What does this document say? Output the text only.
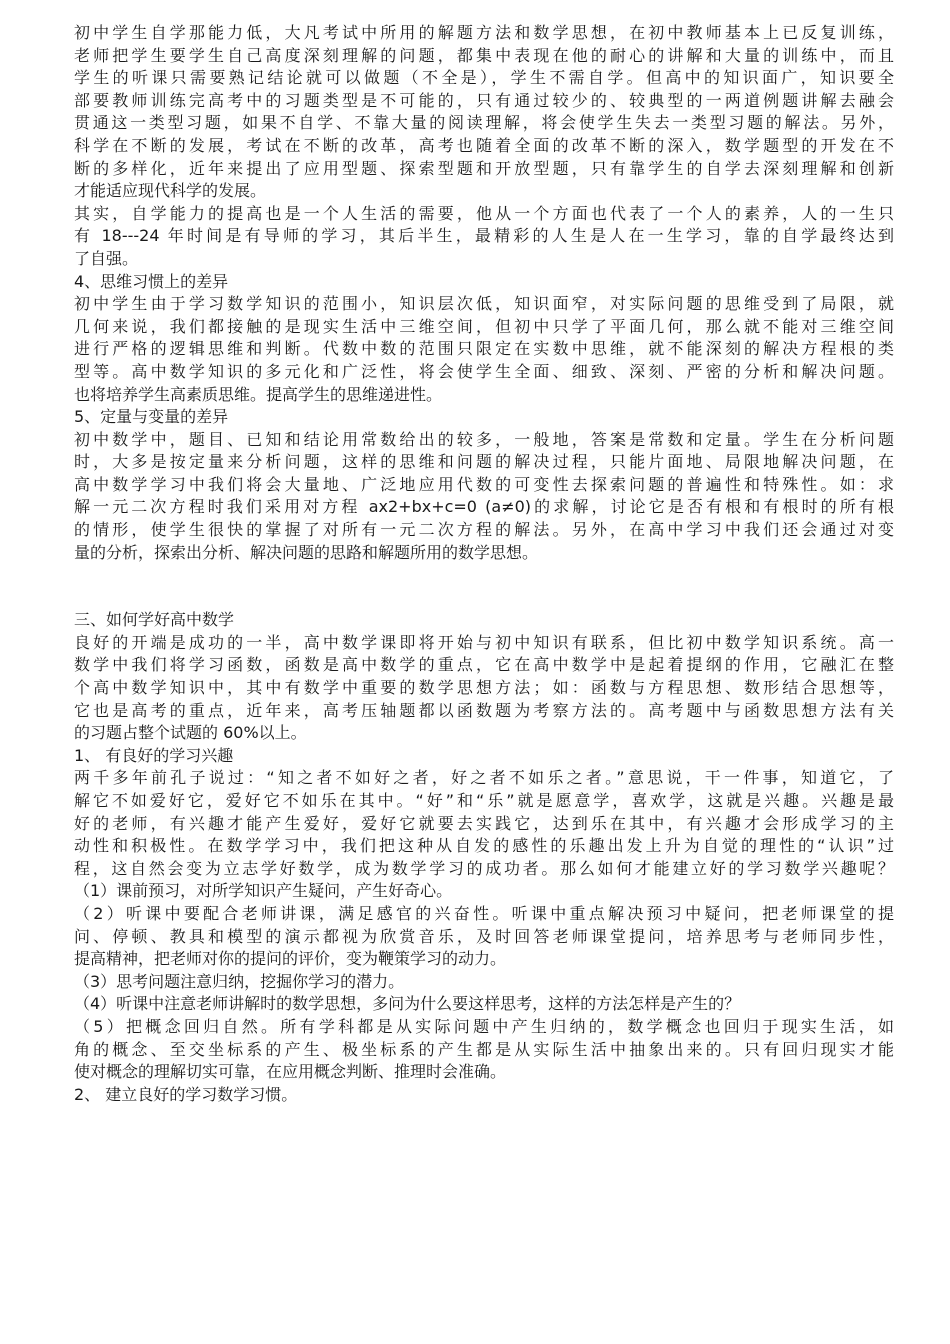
初中学生自学那能力低，大凡考试中所用的解题方法和数学思想，在初中教师基本上已反复训练，
老师把学生要学生自己高度深刻理解的问题，都集中表现在他的耐心的讲解和大量的训练中，而且
学生的听课只需要熟记结论就可以做题（不全是），学生不需自学。但高中的知识面广，知识要全
部要教师训练完高考中的习题类型是不可能的，只有通过较少的、较典型的一两道例题讲解去融会
贯通这一类型习题，如果不自学、不靠大量的阅读理解，将会使学生失去一类型习题的解法。另外，
科学在不断的发展，考试在不断的改革，高考也随着全面的改革不断的深入，数学题型的开发在不
断的多样化，近年来提出了应用型题、探索型题和开放型题，只有靠学生的自学去深刻理解和创新
才能适应现代科学的发展。
其实，自学能力的提高也是一个人生活的需要，他从一个方面也代表了一个人的素养，人的一生只
有 18---24 年时间是有导师的学习，其后半生，最精彩的人生是人在一生学习，靠的自学最终达到
了自强。
4、思维习惯上的差异
初中学生由于学习数学知识的范围小，知识层次低，知识面窄，对实际问题的思维受到了局限，就
几何来说，我们都接触的是现实生活中三维空间，但初中只学了平面几何，那么就不能对三维空间
进行严格的逻辑思维和判断。代数中数的范围只限定在实数中思维，就不能深刻的解决方程根的类
型等。高中数学知识的多元化和广泛性，将会使学生全面、细致、深刻、严密的分析和解决问题。
也将培养学生高素质思维。提高学生的思维递进性。
5、定量与变量的差异
初中数学中，题目、已知和结论用常数给出的较多，一般地，答案是常数和定量。学生在分析问题
时，大多是按定量来分析问题，这样的思维和问题的解决过程，只能片面地、局限地解决问题，在
高中数学学习中我们将会大量地、广泛地应用代数的可变性去探索问题的普遍性和特殊性。如：求
解一元二次方程时我们采用对方程 ax2+bx+c=0 (a≠0)的求解，讨论它是否有根和有根时的所有根
的情形，使学生很快的掌握了对所有一元二次方程的解法。另外，在高中学习中我们还会通过对变
量的分析，探索出分析、解决问题的思路和解题所用的数学思想。
三、如何学好高中数学
良好的开端是成功的一半，高中数学课即将开始与初中知识有联系，但比初中数学知识系统。高一
数学中我们将学习函数，函数是高中数学的重点，它在高中数学中是起着提纲的作用，它融汇在整
个高中数学知识中，其中有数学中重要的数学思想方法；如：函数与方程思想、数形结合思想等，
它也是高考的重点，近年来，高考压轴题都以函数题为考察方法的。高考题中与函数思想方法有关
的习题占整个试题的 60%以上。
1、 有良好的学习兴趣
两千多年前孔子说过：“知之者不如好之者，好之者不如乐之者。”意思说，干一件事，知道它，了
解它不如爱好它，爱好它不如乐在其中。“好”和“乐”就是愿意学，喜欢学，这就是兴趣。兴趣是最
好的老师，有兴趣才能产生爱好，爱好它就要去实践它，达到乐在其中，有兴趣才会形成学习的主
动性和积极性。在数学学习中，我们把这种从自发的感性的乐趣出发上升为自觉的理性的“认识”过
程，这自然会变为立志学好数学，成为数学学习的成功者。那么如何才能建立好的学习数学兴趣呢？
（1）课前预习，对所学知识产生疑问，产生好奇心。
（2）听课中要配合老师讲课，满足感官的兴奋性。听课中重点解决预习中疑问，把老师课堂的提
问、停顿、教具和模型的演示都视为欣赏音乐，及时回答老师课堂提问，培养思考与老师同步性，
提高精神，把老师对你的提问的评价，变为鞭策学习的动力。
（3）思考问题注意归纳，挖掘你学习的潜力。
（4）听课中注意老师讲解时的数学思想，多问为什么要这样思考，这样的方法怎样是产生的？
（5）把概念回归自然。所有学科都是从实际问题中产生归纳的，数学概念也回归于现实生活，如
角的概念、至交坐标系的产生、极坐标系的产生都是从实际生活中抽象出来的。只有回归现实才能
使对概念的理解切实可靠，在应用概念判断、推理时会准确。
2、 建立良好的学习数学习惯。
